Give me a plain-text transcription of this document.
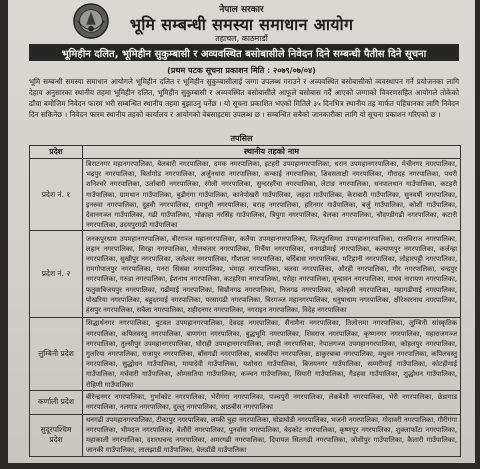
नेपाल सरकार
भूमि सम्बन्धी समस्या समाधान आयोग
तहाचल, काठमाडौं
भूमिहीन दलित, भूमिहीन सुकुम्बासी र अव्यवस्थित बसोबासीले निवेदन दिने सम्बन्धी पैतीस दिने सूचना
(प्रथम पटक सूचना प्रकाशन मिति : २०७९/०७/०४)
भूमि सम्बन्धी समस्या समाधान आयोगले भूमिहीन दलित र भूमिहीन सुकुम्बासीलाई जग्गा उपलब्ध गराउने र अव्यवस्थित बसोबासीको व्यवस्थापन गर्ने प्रयोजनका लागि देहाय अनुसारका स्थानीय तहमा भूमिहीन दलित, भूमिहीन सुकुम्बासी र अव्यवस्थित बसोबासीले आफूले बसोबास गर्दै आएको जग्गाको विवरणसहित आयोगले तोकेको ढाँचा बमोजिम निवेदन फारम भरी सम्बन्धित स्थानीय तहमा बुझाउनु पर्नेछ । यो सूचना प्रकाशित भएको मितिले ३५ दिनभित्र स्थानीय तह मार्फत पहिचानका लागि निवेदन दिन सकिनेछ । निवेदन फारम स्थानीय तहको कार्यालय र आयोगको वेबसाइटमा उपलब्ध छ । सम्बन्धित सबैको जानकारीका लागि यो सूचना प्रकाशन गरिएको छ ।
तपसिल
प्रदेश	स्थानीय तहको नाम
प्रदेश नं. १	बिराटनगर महानगरपालिका, बेलबारी नगरपालिका, दमक नगरपालिका, इटहरी उपमहानगरपालिका, धरान उपमहानगरपालिका, मेचीनगर नगरपालिका, भद्रपुर नगरपालिका, बिर्तामोड नगरपालिका, अर्जुनधारा नगरपालिका, कन्काई नगरपालिका, शिवसताक्षी नगरपालिका, गौरादह नगरपालिका, पथरी शनिश्चरे नगरपालिका, उर्लाबारी नगरपालिका, रंगेली नगरपालिका, सुन्दरहरैंचा नगरपालिका, लेटाङ नगरपालिका, धनपालथान गाउँपालिका, कटहरी गाउँपालिका, ग्रामथान गाउँपालिका, बुढीगंगा गाउँपालिका, कानेपोखरी गाउँपालिका, जहदा गाउँपालिका, केराबारी गाउँपालिका, सुनवर्षी नगरपालिका, इनरुवा नगरपालिका, दुहवी नगरपालिका, रामधुनी नगरपालिका, बराह नगरपालिका, हरिनगर गाउँपालिका, बर्जु गाउँपालिका, कोशी गाउँपालिका, देवानगञ्ज गाउँपालिका, गढी गाउँपालिका, भोक्राहा नरसिंह गाउँपालिका, त्रियुगा नगरपालिका, बेलका नगरपालिका, चौदण्डीगढी नगरपालिका, कटारी नगरपालिका, उदयपुरगढी गाउँपालिका
प्रदेश नं. २	जनकपुरधाम उपमहानगरपालिका, बीरगञ्ज महानगरपालिका, कलैया उपमहानगरपालिका, जितपुरसिमरा उपमहानगरपालिका, राजविराज नगरपालिका, लहान नगरपालिका, सिरहा नगरपालिका, गोलबजार नगरपालिका, मिर्चैया नगरपालिका, धनगढीमाई नगरपालिका, कल्याणपुर नगरपालिका, कर्जन्हा नगरपालिका, सुखीपुर नगरपालिका, जलेश्वर नगरपालिका, गौशाला नगरपालिका, बर्दिबास नगरपालिका, मटिहानी नगरपालिका, लोहारपट्टी नगरपालिका, रामगोपालपुर नगरपालिका, मनरा सिसवा नगरपालिका, भंगाहा नगरपालिका, बलवा नगरपालिका, औरही नगरपालिका, गौर नगरपालिका, चन्द्रपुर नगरपालिका, गरुडा नगरपालिका, ईशनाथ नगरपालिका, कटहरिया नगरपालिका, परोहा नगरपालिका, वृन्दावन नगरपालिका, माधव नारायण नगरपालिका, फतुवाबिजयपुर नगरपालिका, गढीमाई नगरपालिका, सिम्रौनगढ नगरपालिका, निजगढ नगरपालिका, कोल्हवी नगरपालिका, महागढीमाई नगरपालिका, पोखरिया नगरपालिका, बहुदरमाई नगरपालिका, परसागढी नगरपालिका, बिरगञ्ज महानगरपालिका, धनुषाधाम नगरपालिका, क्षीरेश्वरनाथ नगरपालिका, हंसपुर नगरपालिका, सबैला नगरपालिका, शहीदनगर नगरपालिका, नगराइन नगरपालिका, विदेह नगरपालिका
लुम्बिनी प्रदेश	सिद्धार्थनगर नगरपालिका, बुटवल उपमहानगरपालिका, देवदह नगरपालिका, सैनामैना नगरपालिका, तिलोत्तमा नगरपालिका, लुम्बिनी सांस्कृतिक नगरपालिका, कपिलवस्तु नगरपालिका, बाणगंगा नगरपालिका, बुद्धभूमि नगरपालिका, शिवराज नगरपालिका, कृष्णनगर नगरपालिका, महाराजगञ्ज नगरपालिका, तुल्सीपुर उपमहानगरपालिका, घोराही उपमहानगरपालिका, लमही नगरपालिका, नेपालगञ्ज उपमहानगरपालिका, कोहलपुर नगरपालिका, गुलरिया नगरपालिका, राजापुर नगरपालिका, बाँसगढी नगरपालिका, बारबर्दिया नगरपालिका, ठाकुरबाबा नगरपालिका, मधुवन नगरपालिका, कपिलवस्तु नगरपालिका, सुद्धोधन गाउँपालिका, मायादेवी गाउँपालिका, यशोधरा गाउँपालिका, बिजयनगर गाउँपालिका, सम्मरीमाई गाउँपालिका, कोटहीमाई गाउँपालिका, मर्चवारी गाउँपालिका, ओमसतिया गाउँपालिका, कञ्चन गाउँपालिका, सियारी गाउँपालिका, गैडहवा गाउँपालिका, शुद्धोधन गाउँपालिका, रोहिणी गाउँपालिका
कर्णाली प्रदेश	बीरेन्द्रनगर नगरपालिका, गुर्भाकोट नगरपालिका, भेरीगंगा नगरपालिका, पञ्चपुरी नगरपालिका, लेकबेशी नगरपालिका, भेरी नगरपालिका, छेडागाड नगरपालिका, नलगाड नगरपालिका, दुल्लु नगरपालिका, आठबीस नगरपालिका
सुदूरपश्चिम प्रदेश	धनगढी उपमहानगरपालिका, टीकापुर नगरपालिका, लम्की चुहा नगरपालिका, घोडाघोडी नगरपालिका, भजनी नगरपालिका, गोदावरी नगरपालिका, गौरीगंगा नगरपालिका, भीमदत्त नगरपालिका, बेलौरी नगरपालिका, पुनर्वास नगरपालिका, बेदकोट नगरपालिका, कृष्णपुर नगरपालिका, शुक्लाफाँटा नगरपालिका, महाकाली नगरपालिका, दशरथचन्द नगरपालिका, अमरगढी नगरपालिका, दिपायल सिलगढी नगरपालिका, जोशीपुर गाउँपालिका, कैलारी गाउँपालिका, जानकी गाउँपालिका, लालझाडी गाउँपालिका, बेलडाँडी गाउँपालिका
